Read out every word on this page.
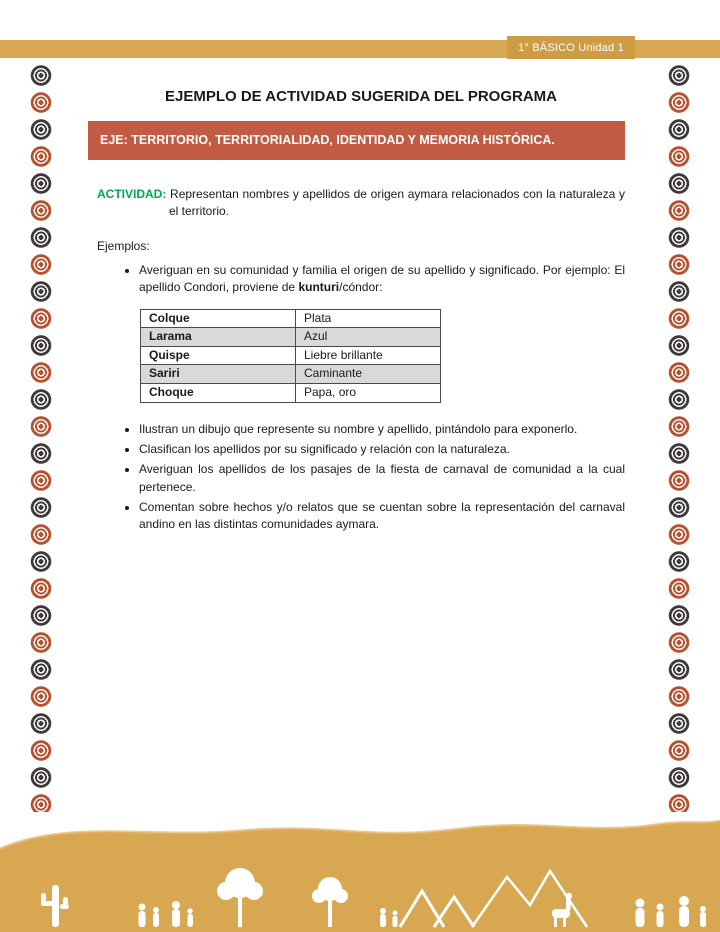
1° BÁSICO Unidad 1
EJEMPLO DE ACTIVIDAD SUGERIDA DEL PROGRAMA
EJE: TERRITORIO, TERRITORIALIDAD, IDENTIDAD Y MEMORIA HISTÓRICA.

ACTIVIDAD: Representan nombres y apellidos de origen aymara relacionados con la naturaleza y el territorio.

Ejemplos:

• Averiguan en su comunidad y familia el origen de su apellido y significado. Por ejemplo: El apellido Condori, proviene de kunturi/cóndor:
Colque	Plata
Larama	Azul
Quispe	Liebre brillante
Sariri	Caminante
Choque	Papa, oro
• Ilustran un dibujo que represente su nombre y apellido, pintándolo para exponerlo.
• Clasifican los apellidos por su significado y relación con la naturaleza.
• Averiguan los apellidos de los pasajes de la fiesta de carnaval de comunidad a la cual pertenece.
• Comentan sobre hechos y/o relatos que se cuentan sobre la representación del carnaval andino en las distintas comunidades aymara.
